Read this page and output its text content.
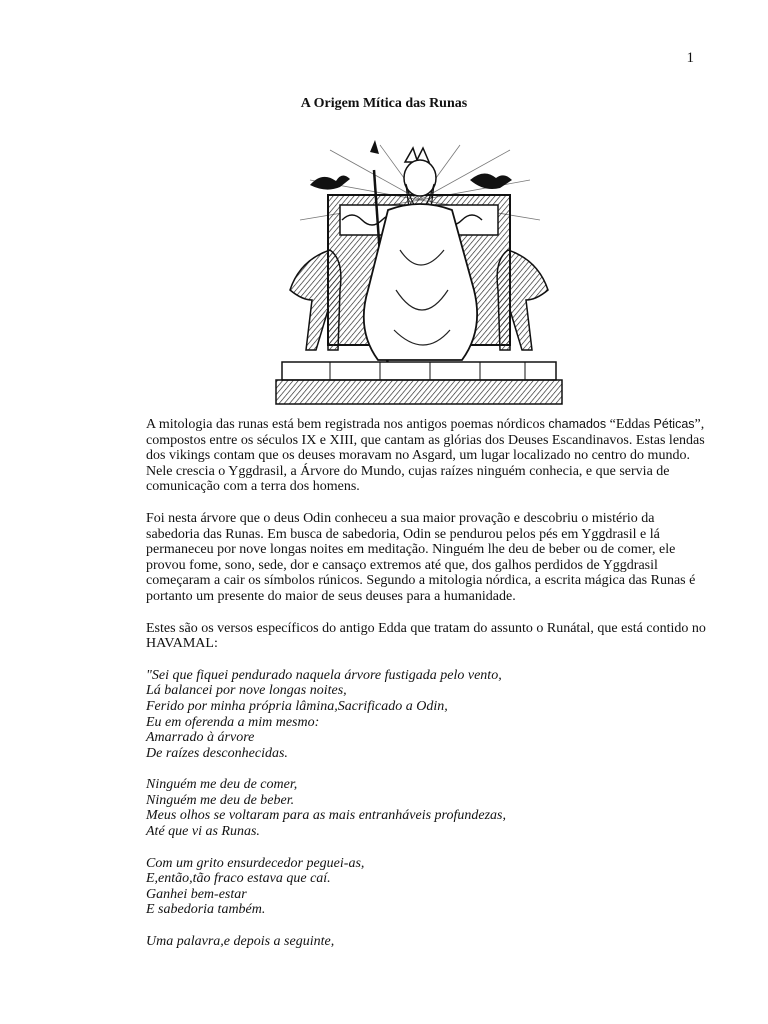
1
A Origem Mítica das Runas

A mitologia das runas está bem registrada nos antigos poemas nórdicos chamados “Eddas Péticas”, compostos entre os séculos IX e XIII, que cantam as glórias dos Deuses Escandinavos. Estas lendas dos vikings contam que os deuses moravam no Asgard, um lugar localizado no centro do mundo. Nele crescia o Yggdrasil, a Árvore do Mundo, cujas raízes ninguém conhecia, e que servia de comunicação com a terra dos homens.

Foi nesta árvore que o deus Odin conheceu a sua maior provação e descobriu o mistério da sabedoria das Runas. Em busca de sabedoria, Odin se pendurou pelos pés em Yggdrasil e lá permaneceu por nove longas noites em meditação. Ninguém lhe deu de beber ou de comer, ele provou fome, sono, sede, dor e cansaço extremos até que, dos galhos perdidos de Yggdrasil começaram a cair os símbolos rúnicos. Segundo a mitologia nórdica, a escrita mágica das Runas é portanto um presente do maior de seus deuses para a humanidade.

Estes são os versos específicos do antigo Edda que tratam do assunto o Runátal, que está contido no HAVAMAL:

"Sei que fiquei pendurado naquela árvore fustigada pelo vento,
Lá balancei por nove longas noites,
Ferido por minha própria lâmina,Sacrificado a Odin,
Eu em oferenda a mim mesmo:
Amarrado à árvore
De raízes desconhecidas.
Ninguém me deu de comer,
Ninguém me deu de beber.
Meus olhos se voltaram para as mais entranháveis profundezas,
Até que vi as Runas.
Com um grito ensurdecedor peguei-as,
E,então,tão fraco estava que caí.
Ganhei bem-estar
E sabedoria também.
Uma palavra,e depois a seguinte,
